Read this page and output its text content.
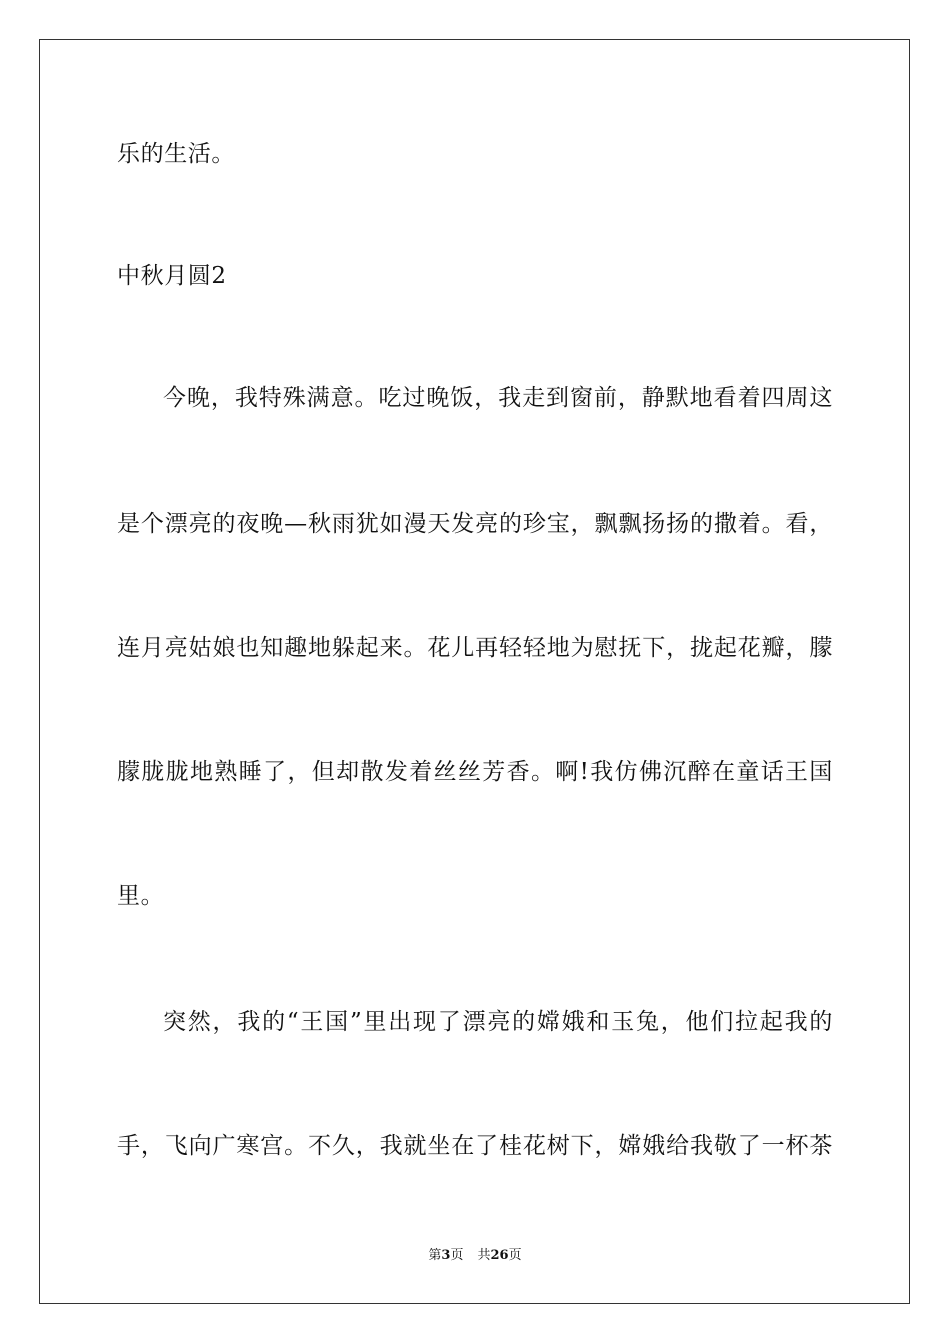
乐的生活。
中秋月圆2
今晚，我特殊满意。吃过晚饭，我走到窗前，静默地看着四周这
是个漂亮的夜晚—秋雨犹如漫天发亮的珍宝，飘飘扬扬的撒着。看，
连月亮姑娘也知趣地躲起来。花儿再轻轻地为慰抚下，拢起花瓣，朦
朦胧胧地熟睡了，但却散发着丝丝芳香。啊!我仿佛沉醉在童话王国
里。
突然，我的“王国”里出现了漂亮的嫦娥和玉兔，他们拉起我的
手，飞向广寒宫。不久，我就坐在了桂花树下，嫦娥给我敬了一杯茶
第3页 共26页
